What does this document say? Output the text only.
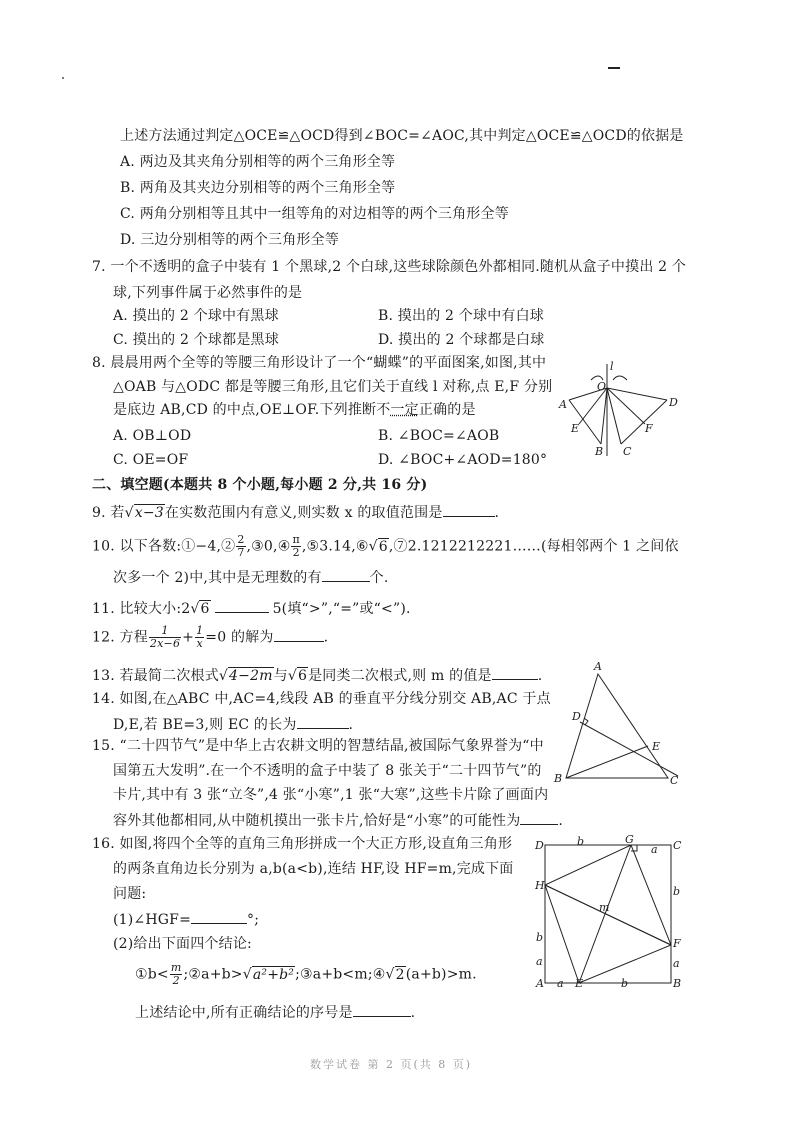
上述方法通过判定△OCE≌△OCD得到∠BOC=∠AOC,其中判定△OCE≌△OCD的依据是
A. 两边及其夹角分别相等的两个三角形全等
B. 两角及其夹边分别相等的两个三角形全等
C. 两角分别相等且其中一组等角的对边相等的两个三角形全等
D. 三边分别相等的两个三角形全等
7. 一个不透明的盒子中装有 1 个黑球,2 个白球,这些球除颜色外都相同.随机从盒子中摸出 2 个
球,下列事件属于必然事件的是
A. 摸出的 2 个球中有黑球	B. 摸出的 2 个球中有白球
C. 摸出的 2 个球都是黑球	D. 摸出的 2 个球都是白球
8. 晨晨用两个全等的等腰三角形设计了一个“蝴蝶”的平面图案,如图,其中
△OAB 与△ODC 都是等腰三角形,且它们关于直线 l 对称,点 E,F 分别
是底边 AB,CD 的中点,OE⊥OF.下列推断不一定正确的是
A. OB⊥OD	B. ∠BOC=∠AOB
C. OE=OF	D. ∠BOC+∠AOD=180°
l
O
A	D
E	F
B C
二、填空题(本题共 8 个小题,每小题 2 分,共 16 分)
9. 若√x−3在实数范围内有意义,则实数 x 的取值范围是	.
10. 以下各数:①−4,② $\frac{2}{7}$ ,③0,④ $\frac{\pi}{2}$ ,⑤3.14,⑥√6,⑦2.1212212221……(每相邻两个 1 之间依
次多一个 2)中,其中是无理数的有	个.
11. 比较大小:2√6	5(填“>”,“=”或“<”).
12. 方程 $\frac{1}{2x-6} + \frac{1}{x} =0$ 的解为	.
13. 若最简二次根式√4−2m与√6是同类二次根式,则 m 的值是	.
14. 如图,在△ABC 中,AC=4,线段 AB 的垂直平分线分别交 AB,AC 于点
D,E,若 BE=3,则 EC 的长为	.
A
D
E
B	C
15. “二十四节气”是中华上古农耕文明的智慧结晶,被国际气象界誉为“中
国第五大发明”.在一个不透明的盒子中装了 8 张关于“二十四节气”的
卡片,其中有 3 张“立冬”,4 张“小寒”,1 张“大寒”,这些卡片除了画面内
容外其他都相同,从中随机摸出一张卡片,恰好是“小寒”的可能性为	.
16. 如图,将四个全等的直角三角形拼成一个大正方形,设直角三角形
的两条直角边长分别为 a,b(a<b),连结 HF,设 HF=m,完成下面
问题:
(1)∠HGF=	°;
(2)给出下面四个结论:
①b< $\frac{m}{2}$ ;②a+b>√a²+b²;③a+b<m;④√2(a+b)>m.
上述结论中,所有正确结论的序号是	.
D	b	G
a C
H
m
b
b	F
a
A	E	b	B
a
a
数学试卷 第 2 页(共 8 页)
